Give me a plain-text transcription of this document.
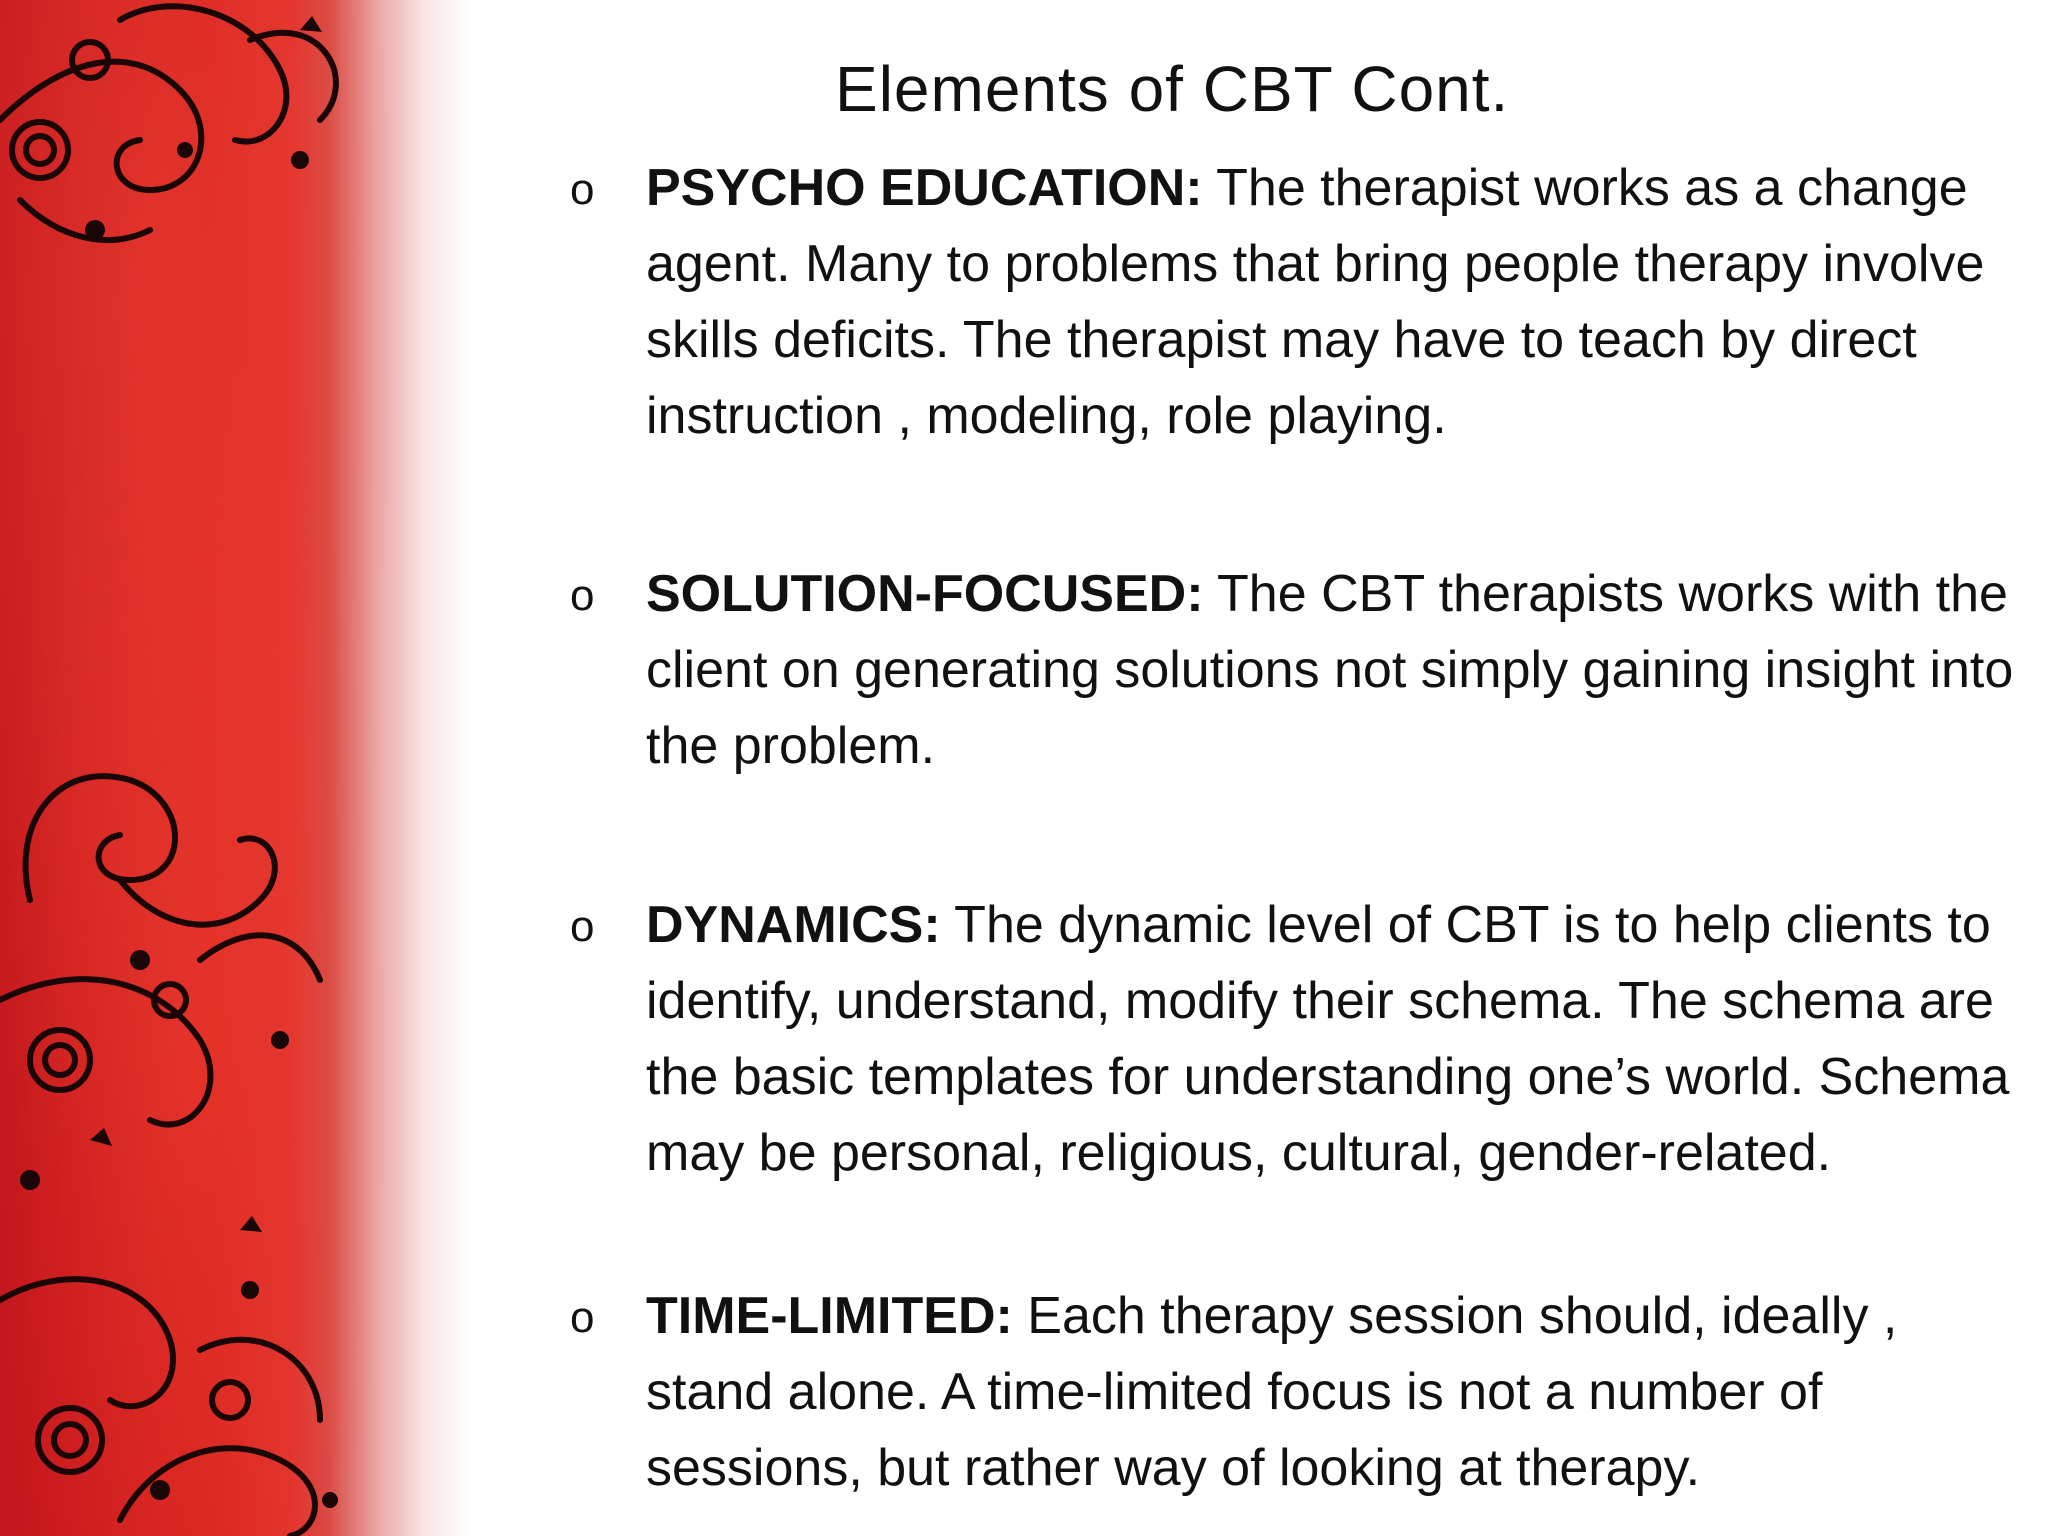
Elements of CBT Cont.
o PSYCHO EDUCATION: The therapist works as a change agent. Many to problems that bring people therapy involve skills deficits. The therapist may have to teach by direct instruction , modeling, role playing.
o SOLUTION-FOCUSED: The CBT therapists works with the client on generating solutions not simply gaining insight into the problem.
o DYNAMICS: The dynamic level of CBT is to help clients to identify, understand, modify their schema. The schema are the basic templates for understanding one’s world. Schema may be personal, religious, cultural, gender-related.
o TIME-LIMITED: Each therapy session should, ideally , stand alone. A time-limited focus is not a number of sessions, but rather way of looking at therapy.
